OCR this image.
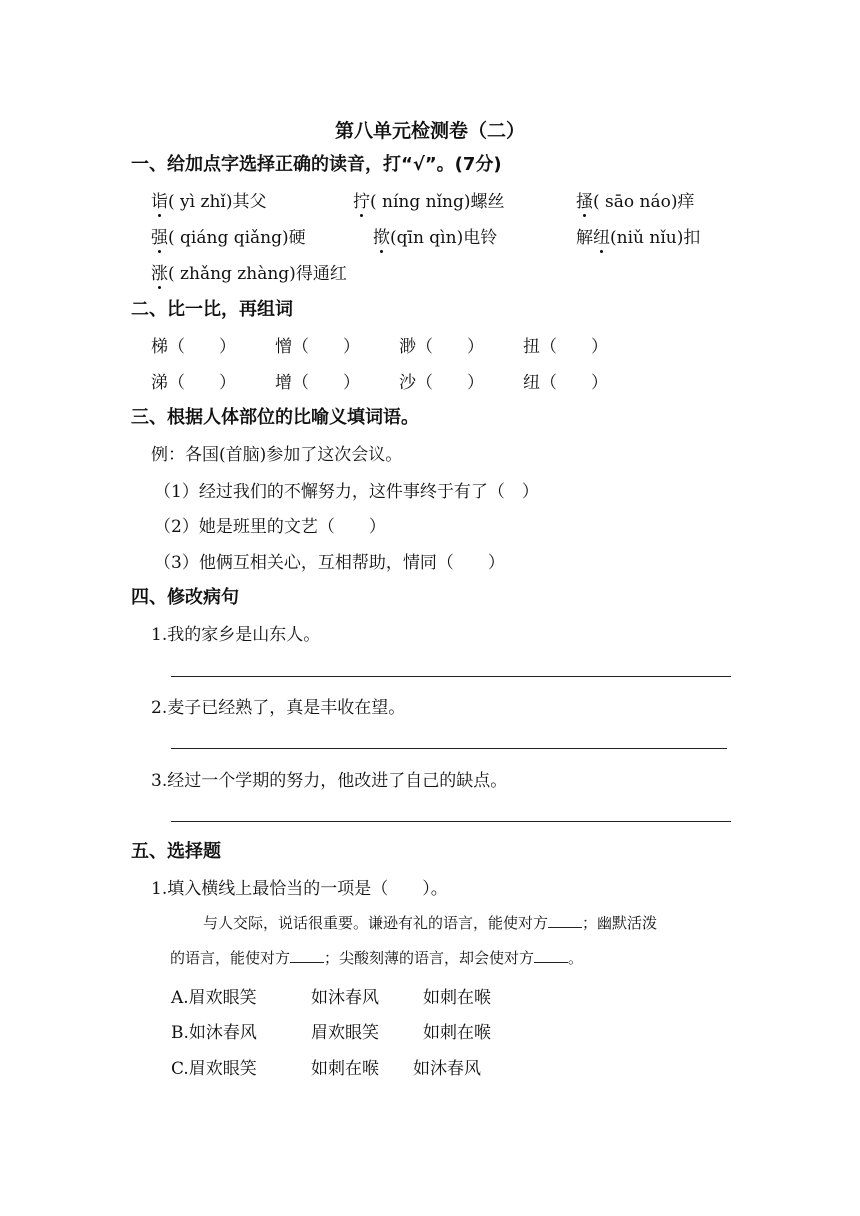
第八单元检测卷（二）
一、给加点字选择正确的读音，打“√”。(7分)
诣( yì zhǐ)其父	拧( níng nǐng)螺丝	搔( sāo náo)痒
强( qiáng qiǎng)硬	揿(qīn qìn)电铃	解纽(niǔ nǐu)扣
涨( zhǎng zhàng)得通红
二、比一比，再组词
梯（　　） 憎（　　） 渺（　　） 扭（　　）
涕（　　） 增（　　） 沙（　　） 纽（　　）
三、根据人体部位的比喻义填词语。
例：各国(首脑)参加了这次会议。
（1）经过我们的不懈努力，这件事终于有了（　）
（2）她是班里的文艺（　　）
（3）他俩互相关心，互相帮助，情同（　　）
四、修改病句
1.我的家乡是山东人。
2.麦子已经熟了，真是丰收在望。
3.经过一个学期的努力，他改进了自己的缺点。
五、选择题
1.填入横线上最恰当的一项是（　　）。
与人交际，说话很重要。谦逊有礼的语言，能使对方 ；幽默活泼
的语言，能使对方 ；尖酸刻薄的语言，却会使对方 。
A.眉欢眼笑	如沐春风	如刺在喉
B.如沐春风	眉欢眼笑	如刺在喉
C.眉欢眼笑	如刺在喉 如沐春风
